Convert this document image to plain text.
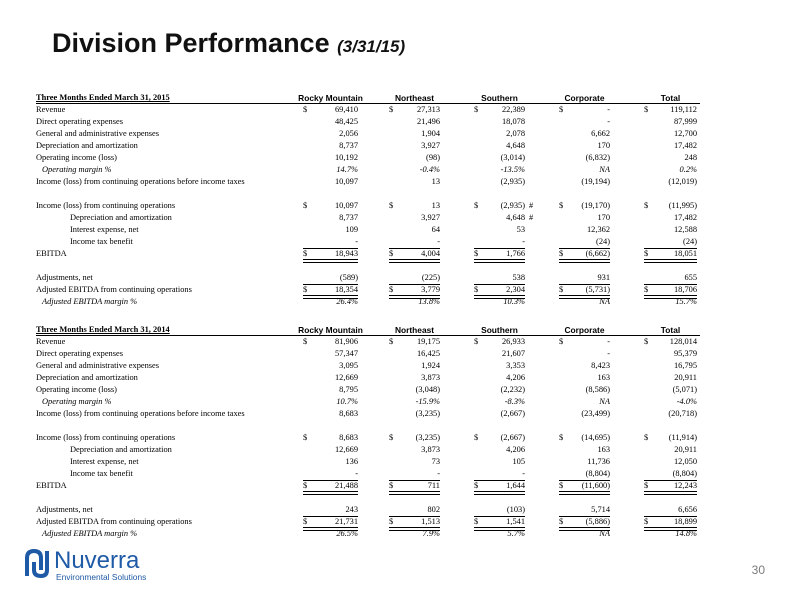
Division Performance (3/31/15)
Three Months Ended March 31, 2015	Rocky Mountain	Northeast	Southern	Corporate	Total
Revenue	$	69,410	$	27,313	$	22,389	$	-	$	119,112
Direct operating expenses	48,425	21,496	18,078	-	87,999
General and administrative expenses	2,056	1,904	2,078	6,662	12,700
Depreciation and amortization	8,737	3,927	4,648	170	17,482
Operating income (loss)	10,192	(98)	(3,014)	(6,832)	248
Operating margin %	14.7%	-0.4%	-13.5%	NA	0.2%
Income (loss) from continuing operations before income taxes	10,097	13	(2,935)	(19,194)	(12,019)
Income (loss) from continuing operations	$	10,097	$	13	$	(2,935) #	$	(19,170)	$	(11,995)
Depreciation and amortization	8,737	3,927	4,648 #	170	17,482
Interest expense, net	109	64	53	12,362	12,588
Income tax benefit	-	-	-	(24)	(24)
EBITDA	$	18,943	$	4,004	$	1,766	$	(6,662)	$	18,051
Adjustments, net	(589)	(225)	538	931	655
Adjusted EBITDA from continuing operations	$	18,354	$	3,779	$	2,304	$	(5,731)	$	18,706
Adjusted EBITDA margin %	26.4%	13.8%	10.3%	NA	15.7%
Three Months Ended March 31, 2014	Rocky Mountain	Northeast	Southern	Corporate	Total
Revenue	$	81,906	$	19,175	$	26,933	$	-	$	128,014
Direct operating expenses	57,347	16,425	21,607	-	95,379
General and administrative expenses	3,095	1,924	3,353	8,423	16,795
Depreciation and amortization	12,669	3,873	4,206	163	20,911
Operating income (loss)	8,795	(3,048)	(2,232)	(8,586)	(5,071)
Operating margin %	10.7%	-15.9%	-8.3%	NA	-4.0%
Income (loss) from continuing operations before income taxes	8,683	(3,235)	(2,667)	(23,499)	(20,718)
Income (loss) from continuing operations	$	8,683	$	(3,235)	$	(2,667)	$	(14,695)	$	(11,914)
Depreciation and amortization	12,669	3,873	4,206	163	20,911
Interest expense, net	136	73	105	11,736	12,050
Income tax benefit	-	-	-	(8,804)	(8,804)
EBITDA	$	21,488	$	711	$	1,644	$	(11,600)	$	12,243
Adjustments, net	243	802	(103)	5,714	6,656
Adjusted EBITDA from continuing operations	$	21,731	$	1,513	$	1,541	$	(5,886)	$	18,899
Adjusted EBITDA margin %	26.5%	7.9%	5.7%	NA	14.8%
Nuverra
Environmental Solutions	30
